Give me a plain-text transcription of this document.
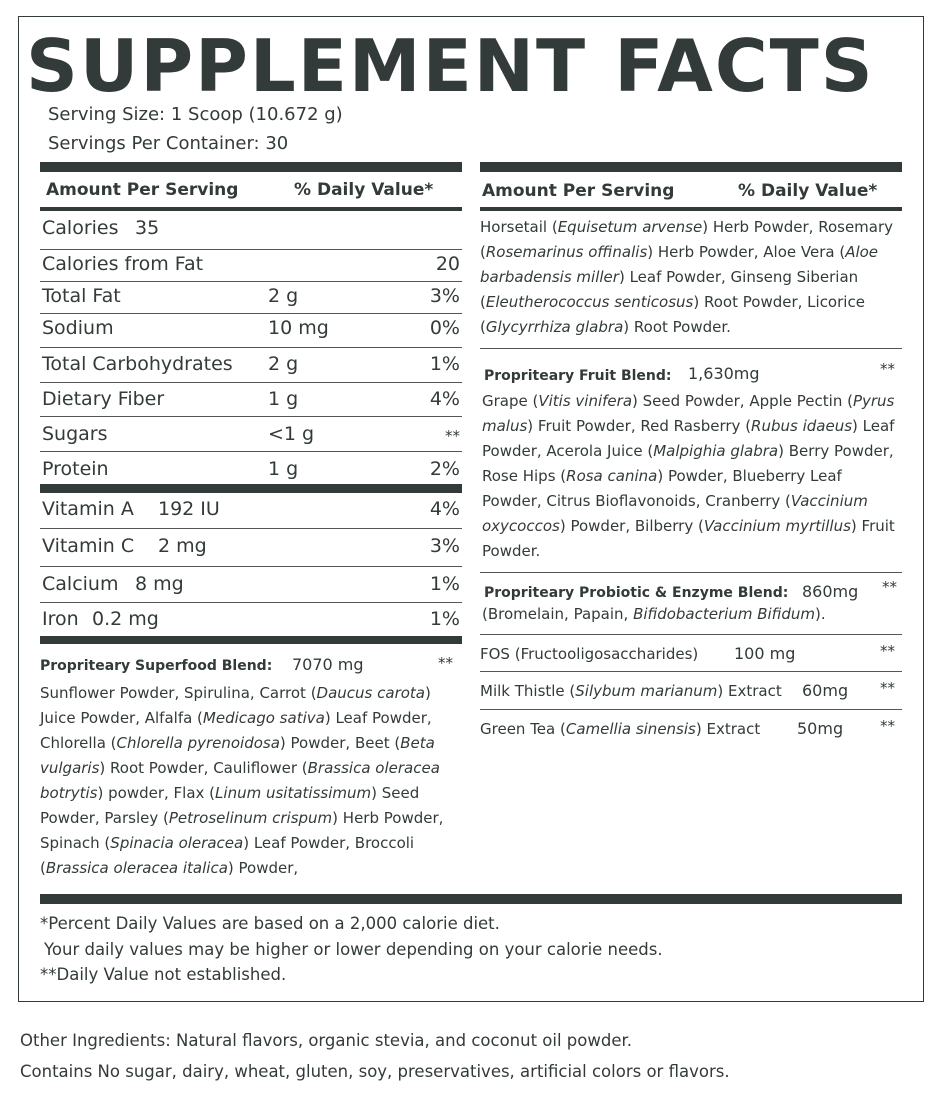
SUPPLEMENT FACTS
Serving Size: 1 Scoop (10.672 g)
Servings Per Container: 30
Amount Per Serving	% Daily Value*
Calories 35
Calories from Fat	20
Total Fat	2 g	3%
Sodium	10 mg	0%
Total Carbohydrates 2 g	1%
Dietary Fiber	1 g	4%
Sugars	<1 g	**
Protein	1 g	2%
Vitamin A 192 IU	4%
Vitamin C 2 mg	3%
Calcium 8 mg	1%
Iron 0.2 mg	1%
Propriteary Superfood Blend: 7070 mg	**
Sunflower Powder, Spirulina, Carrot (Daucus carota) Juice Powder, Alfalfa (Medicago sativa) Leaf Powder, Chlorella (Chlorella pyrenoidosa) Powder, Beet (Beta vulgaris) Root Powder, Cauliflower (Brassica oleracea botrytis) powder, Flax (Linum usitatissimum) Seed Powder, Parsley (Petroselinum crispum) Herb Powder, Spinach (Spinacia oleracea) Leaf Powder, Broccoli (Brassica oleracea italica) Powder,
Amount Per Serving	% Daily Value*
Horsetail (Equisetum arvense) Herb Powder, Rosemary (Rosemarinus offinalis) Herb Powder, Aloe Vera (Aloe barbadensis miller) Leaf Powder, Ginseng Siberian (Eleutherococcus senticosus) Root Powder, Licorice (Glycyrrhiza glabra) Root Powder.
Propriteary Fruit Blend: 1,630mg	**
Grape (Vitis vinifera) Seed Powder, Apple Pectin (Pyrus malus) Fruit Powder, Red Rasberry (Rubus idaeus) Leaf Powder, Acerola Juice (Malpighia glabra) Berry Powder, Rose Hips (Rosa canina) Powder, Blueberry Leaf Powder, Citrus Bioflavonoids, Cranberry (Vaccinium oxycoccos) Powder, Bilberry (Vaccinium myrtillus) Fruit Powder.
Propriteary Probiotic & Enzyme Blend: 860mg **
(Bromelain, Papain, Bifidobacterium Bifidum).
FOS (Fructooligosaccharides) 100 mg	**
Milk Thistle (Silybum marianum) Extract 60mg **
Green Tea (Camellia sinensis) Extract 50mg **
*Percent Daily Values are based on a 2,000 calorie diet.
Your daily values may be higher or lower depending on your calorie needs.
**Daily Value not established.
Other Ingredients: Natural flavors, organic stevia, and coconut oil powder.
Contains No sugar, dairy, wheat, gluten, soy, preservatives, artificial colors or flavors.
